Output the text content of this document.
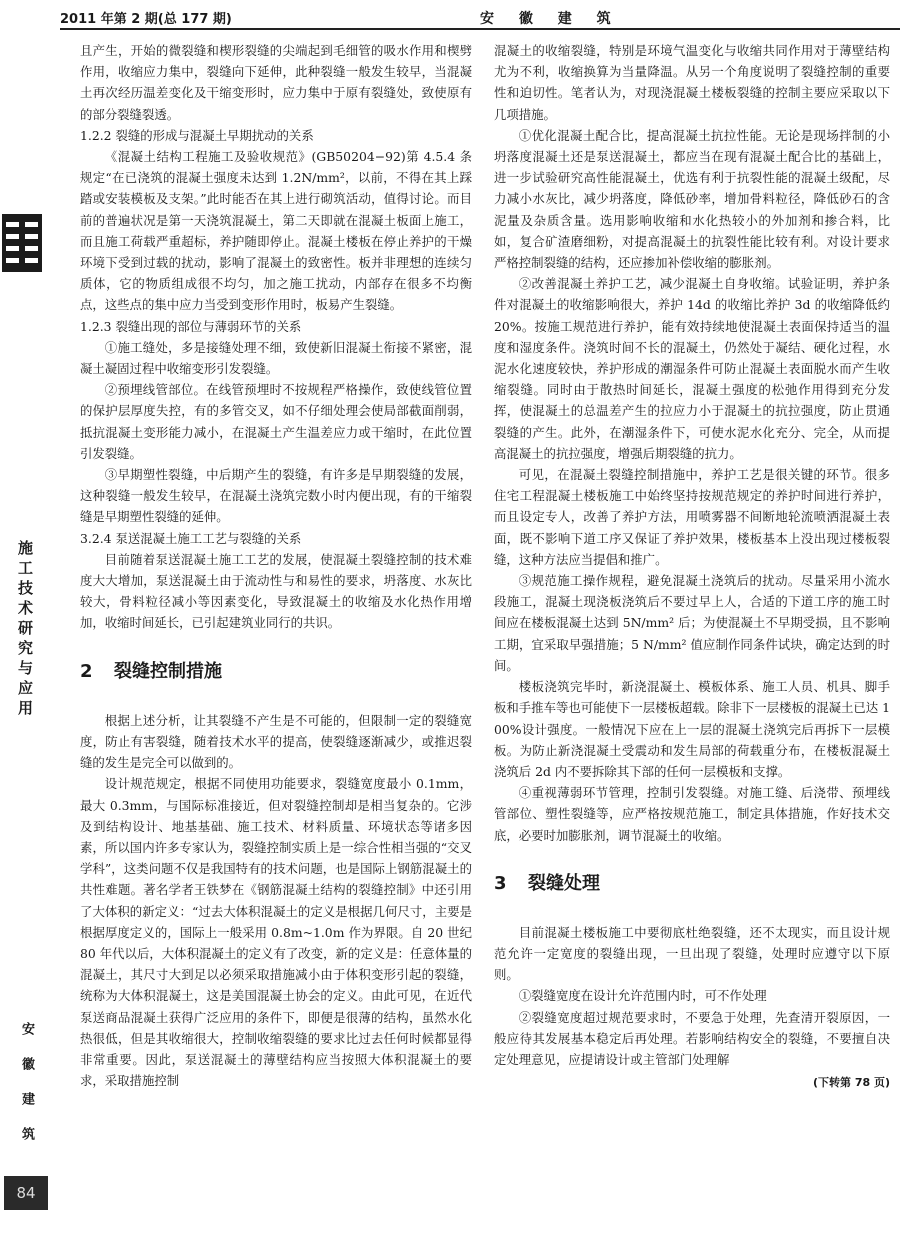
2011 年第 2 期(总 177 期)	安 徽 建 筑
施工技术研究与应用
安徽建筑
84

且产生，开始的微裂缝和楔形裂缝的尖端起到毛细管的吸水作用和楔劈作用，收缩应力集中，裂缝向下延伸，此种裂缝一般发生较早，当混凝土再次经历温差变化及干缩变形时，应力集中于原有裂缝处，致使原有的部分裂缝裂透。

1.2.2 裂缝的形成与混凝土早期扰动的关系

《混凝土结构工程施工及验收规范》(GB50204−92)第 4.5.4 条规定“在已浇筑的混凝土强度未达到 1.2N/mm²，以前，不得在其上踩踏或安装模板及支架。”此时能否在其上进行砌筑活动，值得讨论。而目前的普遍状况是第一天浇筑混凝土，第二天即就在混凝土板面上施工，而且施工荷载严重超标，养护随即停止。混凝土楼板在停止养护的干燥环境下受到过载的扰动，影响了混凝土的致密性。板并非理想的连续匀质体，它的物质组成很不均匀，加之施工扰动，内部存在很多不均衡点，这些点的集中应力当受到变形作用时，板易产生裂缝。

1.2.3 裂缝出现的部位与薄弱环节的关系

①施工缝处，多是接缝处理不细，致使新旧混凝土衔接不紧密，混凝土凝固过程中收缩变形引发裂缝。

②预埋线管部位。在线管预埋时不按规程严格操作，致使线管位置的保护层厚度失控，有的多管交叉，如不仔细处理会使局部截面削弱，抵抗混凝土变形能力减小，在混凝土产生温差应力或干缩时，在此位置引发裂缝。

③早期塑性裂缝，中后期产生的裂缝，有许多是早期裂缝的发展，这种裂缝一般发生较早，在混凝土浇筑完数小时内便出现，有的干缩裂缝是早期塑性裂缝的延伸。

3.2.4 泵送混凝土施工工艺与裂缝的关系

目前随着泵送混凝土施工工艺的发展，使混凝土裂缝控制的技术难度大大增加，泵送混凝土由于流动性与和易性的要求，坍落度、水灰比较大，骨料粒径减小等因素变化，导致混凝土的收缩及水化热作用增加，收缩时间延长，已引起建筑业同行的共识。

2 裂缝控制措施

根据上述分析，让其裂缝不产生是不可能的，但限制一定的裂缝宽度，防止有害裂缝，随着技术水平的提高，使裂缝逐渐减少，或推迟裂缝的发生是完全可以做到的。

设计规范规定，根据不同使用功能要求，裂缝宽度最小 0.1mm，最大 0.3mm，与国际标准接近，但对裂缝控制却是相当复杂的。它涉及到结构设计、地基基础、施工技术、材料质量、环境状态等诸多因素，所以国内许多专家认为，裂缝控制实质上是一综合性相当强的“交叉学科”，这类问题不仅是我国特有的技术问题，也是国际上钢筋混凝土的共性难题。著名学者王铁梦在《钢筋混凝土结构的裂缝控制》中还引用了大体积的新定义：“过去大体积混凝土的定义是根据几何尺寸，主要是根据厚度定义的，国际上一般采用 0.8m~1.0m 作为界限。自 20 世纪 80 年代以后，大体积混凝土的定义有了改变，新的定义是：任意体量的混凝土，其尺寸大到足以必须采取措施减小由于体积变形引起的裂缝，统称为大体积混凝土，这是美国混凝土协会的定义。由此可见，在近代泵送商品混凝土获得广泛应用的条件下，即便是很薄的结构，虽然水化热很低，但是其收缩很大，控制收缩裂缝的要求比过去任何时候都显得非常重要。因此，泵送混凝土的薄壁结构应当按照大体积混凝土的要求，采取措施控制

混凝土的收缩裂缝，特别是环境气温变化与收缩共同作用对于薄壁结构尤为不利，收缩换算为当量降温。从另一个角度说明了裂缝控制的重要性和迫切性。笔者认为，对现浇混凝土楼板裂缝的控制主要应采取以下几项措施。

①优化混凝土配合比，提高混凝土抗拉性能。无论是现场拌制的小坍落度混凝土还是泵送混凝土，都应当在现有混凝土配合比的基础上，进一步试验研究高性能混凝土，优选有利于抗裂性能的混凝土级配，尽力减小水灰比，减少坍落度，降低砂率，增加骨料粒径，降低砂石的含泥量及杂质含量。选用影响收缩和水化热较小的外加剂和掺合料，比如，复合矿渣磨细粉，对提高混凝土的抗裂性能比较有利。对设计要求严格控制裂缝的结构，还应掺加补偿收缩的膨胀剂。

②改善混凝土养护工艺，减少混凝土自身收缩。试验证明，养护条件对混凝土的收缩影响很大，养护 14d 的收缩比养护 3d 的收缩降低约 20%。按施工规范进行养护，能有效持续地使混凝土表面保持适当的温度和湿度条件。浇筑时间不长的混凝土，仍然处于凝结、硬化过程，水泥水化速度较快，养护形成的潮湿条件可防止混凝土表面脱水而产生收缩裂缝。同时由于散热时间延长，混凝土强度的松弛作用得到充分发挥，使混凝土的总温差产生的拉应力小于混凝土的抗拉强度，防止贯通裂缝的产生。此外，在潮湿条件下，可使水泥水化充分、完全，从而提高混凝土的抗拉强度，增强后期裂缝的抗力。

可见，在混凝土裂缝控制措施中，养护工艺是很关键的环节。很多住宅工程混凝土楼板施工中始终坚持按规范规定的养护时间进行养护，而且设定专人，改善了养护方法，用喷雾器不间断地轮流喷洒混凝土表面，既不影响下道工序又保证了养护效果，楼板基本上没出现过楼板裂缝，这种方法应当提倡和推广。

③规范施工操作规程，避免混凝土浇筑后的扰动。尽量采用小流水段施工，混凝土现浇板浇筑后不要过早上人，合适的下道工序的施工时间应在楼板混凝土达到 5N/mm² 后；为使混凝土不早期受损，且不影响工期，宜采取早强措施；5 N/mm² 值应制作同条件试块，确定达到的时间。

楼板浇筑完毕时，新浇混凝土、模板体系、施工人员、机具、脚手板和手推车等也可能使下一层楼板超载。除非下一层楼板的混凝土已达 100%设计强度。一般情况下应在上一层的混凝土浇筑完后再拆下一层模板。为防止新浇混凝土受震动和发生局部的荷载重分布，在楼板混凝土浇筑后 2d 内不要拆除其下部的任何一层模板和支撑。

④重视薄弱环节管理，控制引发裂缝。对施工缝、后浇带、预埋线管部位、塑性裂缝等，应严格按规范施工，制定具体措施，作好技术交底，必要时加膨胀剂，调节混凝土的收缩。

3 裂缝处理

目前混凝土楼板施工中要彻底杜绝裂缝，还不太现实，而且设计规范允许一定宽度的裂缝出现，一旦出现了裂缝，处理时应遵守以下原则。

①裂缝宽度在设计允许范围内时，可不作处理

②裂缝宽度超过规范要求时，不要急于处理，先查清开裂原因，一般应待其发展基本稳定后再处理。若影响结构安全的裂缝，不要擅自决定处理意见，应提请设计或主管部门处理解

(下转第 78 页)
